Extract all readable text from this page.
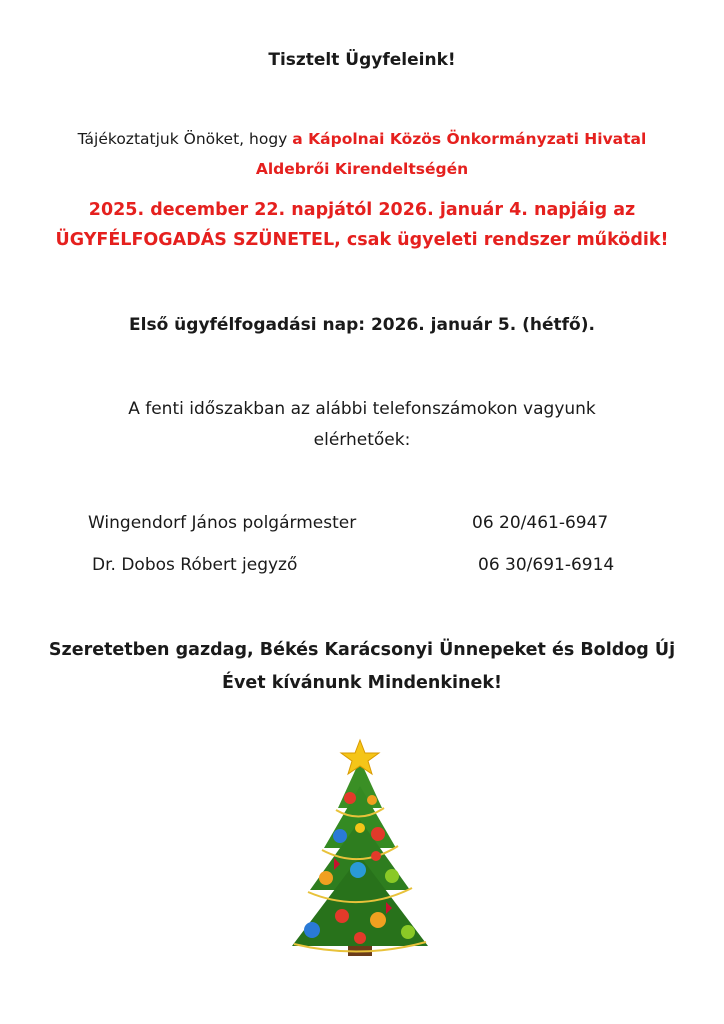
Tisztelt Ügyfeleink!
Tájékoztatjuk Önöket, hogy a Kápolnai Közös Önkormányzati Hivatal
Aldebrői Kirendeltségén
2025. december 22. napjától 2026. január 4. napjáig az
ÜGYFÉLFOGADÁS SZÜNETEL, csak ügyeleti rendszer működik!
Első ügyfélfogadási nap: 2026. január 5. (hétfő).
A fenti időszakban az alábbi telefonszámokon vagyunk
elérhetőek:
Wingendorf János polgármester	06 20/461-6947
Dr. Dobos Róbert jegyző	06 30/691-6914
Szeretetben gazdag, Békés Karácsonyi Ünnepeket és Boldog Új
Évet kívánunk Mindenkinek!
